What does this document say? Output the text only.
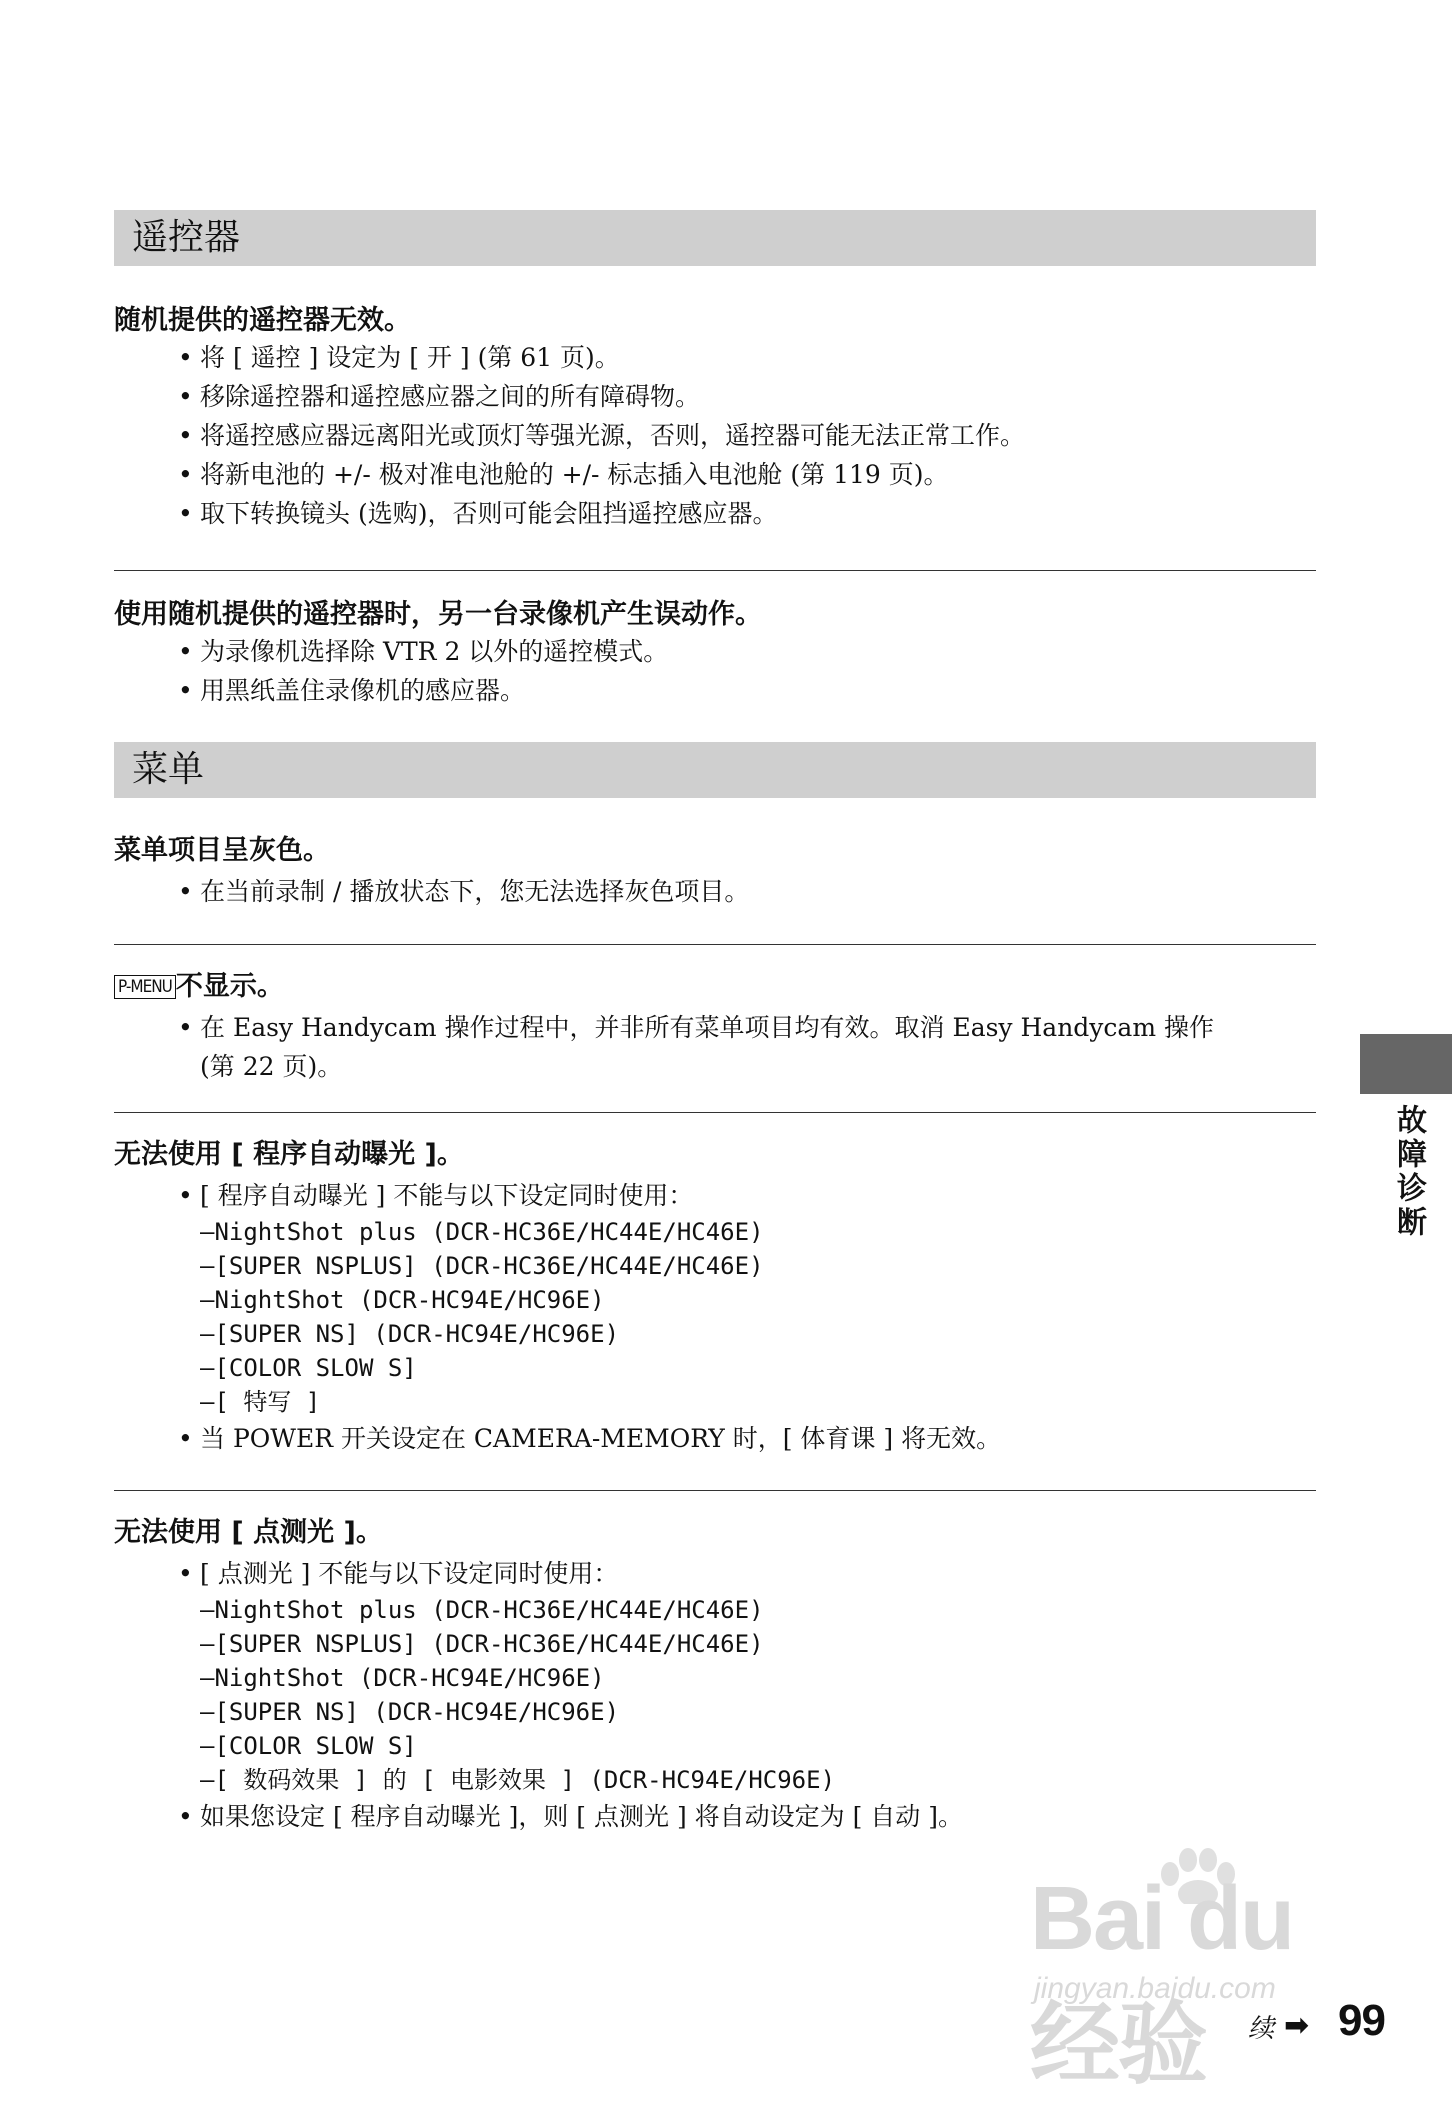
遥控器
随机提供的遥控器无效。
• 将 [ 遥控 ] 设定为 [ 开 ] (第 61 页)。
• 移除遥控器和遥控感应器之间的所有障碍物。
• 将遥控感应器远离阳光或顶灯等强光源，否则，遥控器可能无法正常工作。
• 将新电池的 +/- 极对准电池舱的 +/- 标志插入电池舱 (第 119 页)。
• 取下转换镜头 (选购)，否则可能会阻挡遥控感应器。
使用随机提供的遥控器时，另一台录像机产生误动作。
• 为录像机选择除 VTR 2 以外的遥控模式。
• 用黑纸盖住录像机的感应器。
菜单
菜单项目呈灰色。
• 在当前录制 / 播放状态下，您无法选择灰色项目。
P-MENU 不显示。
• 在 Easy Handycam 操作过程中，并非所有菜单项目均有效。取消 Easy Handycam 操作
(第 22 页)。
无法使用 [ 程序自动曝光 ]。
• [ 程序自动曝光 ] 不能与以下设定同时使用：
–NightShot plus (DCR-HC36E/HC44E/HC46E)
–[SUPER NSPLUS] (DCR-HC36E/HC44E/HC46E)
–NightShot (DCR-HC94E/HC96E)
–[SUPER NS] (DCR-HC94E/HC96E)
–[COLOR SLOW S]
–[ 特写 ]
• 当 POWER 开关设定在 CAMERA-MEMORY 时，[ 体育课 ] 将无效。
无法使用 [ 点测光 ]。
• [ 点测光 ] 不能与以下设定同时使用：
–NightShot plus (DCR-HC36E/HC44E/HC46E)
–[SUPER NSPLUS] (DCR-HC36E/HC44E/HC46E)
–NightShot (DCR-HC94E/HC96E)
–[SUPER NS] (DCR-HC94E/HC96E)
–[COLOR SLOW S]
–[ 数码效果 ] 的 [ 电影效果 ] (DCR-HC94E/HC96E)
• 如果您设定 [ 程序自动曝光 ]，则 [ 点测光 ] 将自动设定为 [ 自动 ]。
故障诊断
Bai du 经验
jingyan.baidu.com
续 ➡ 99
